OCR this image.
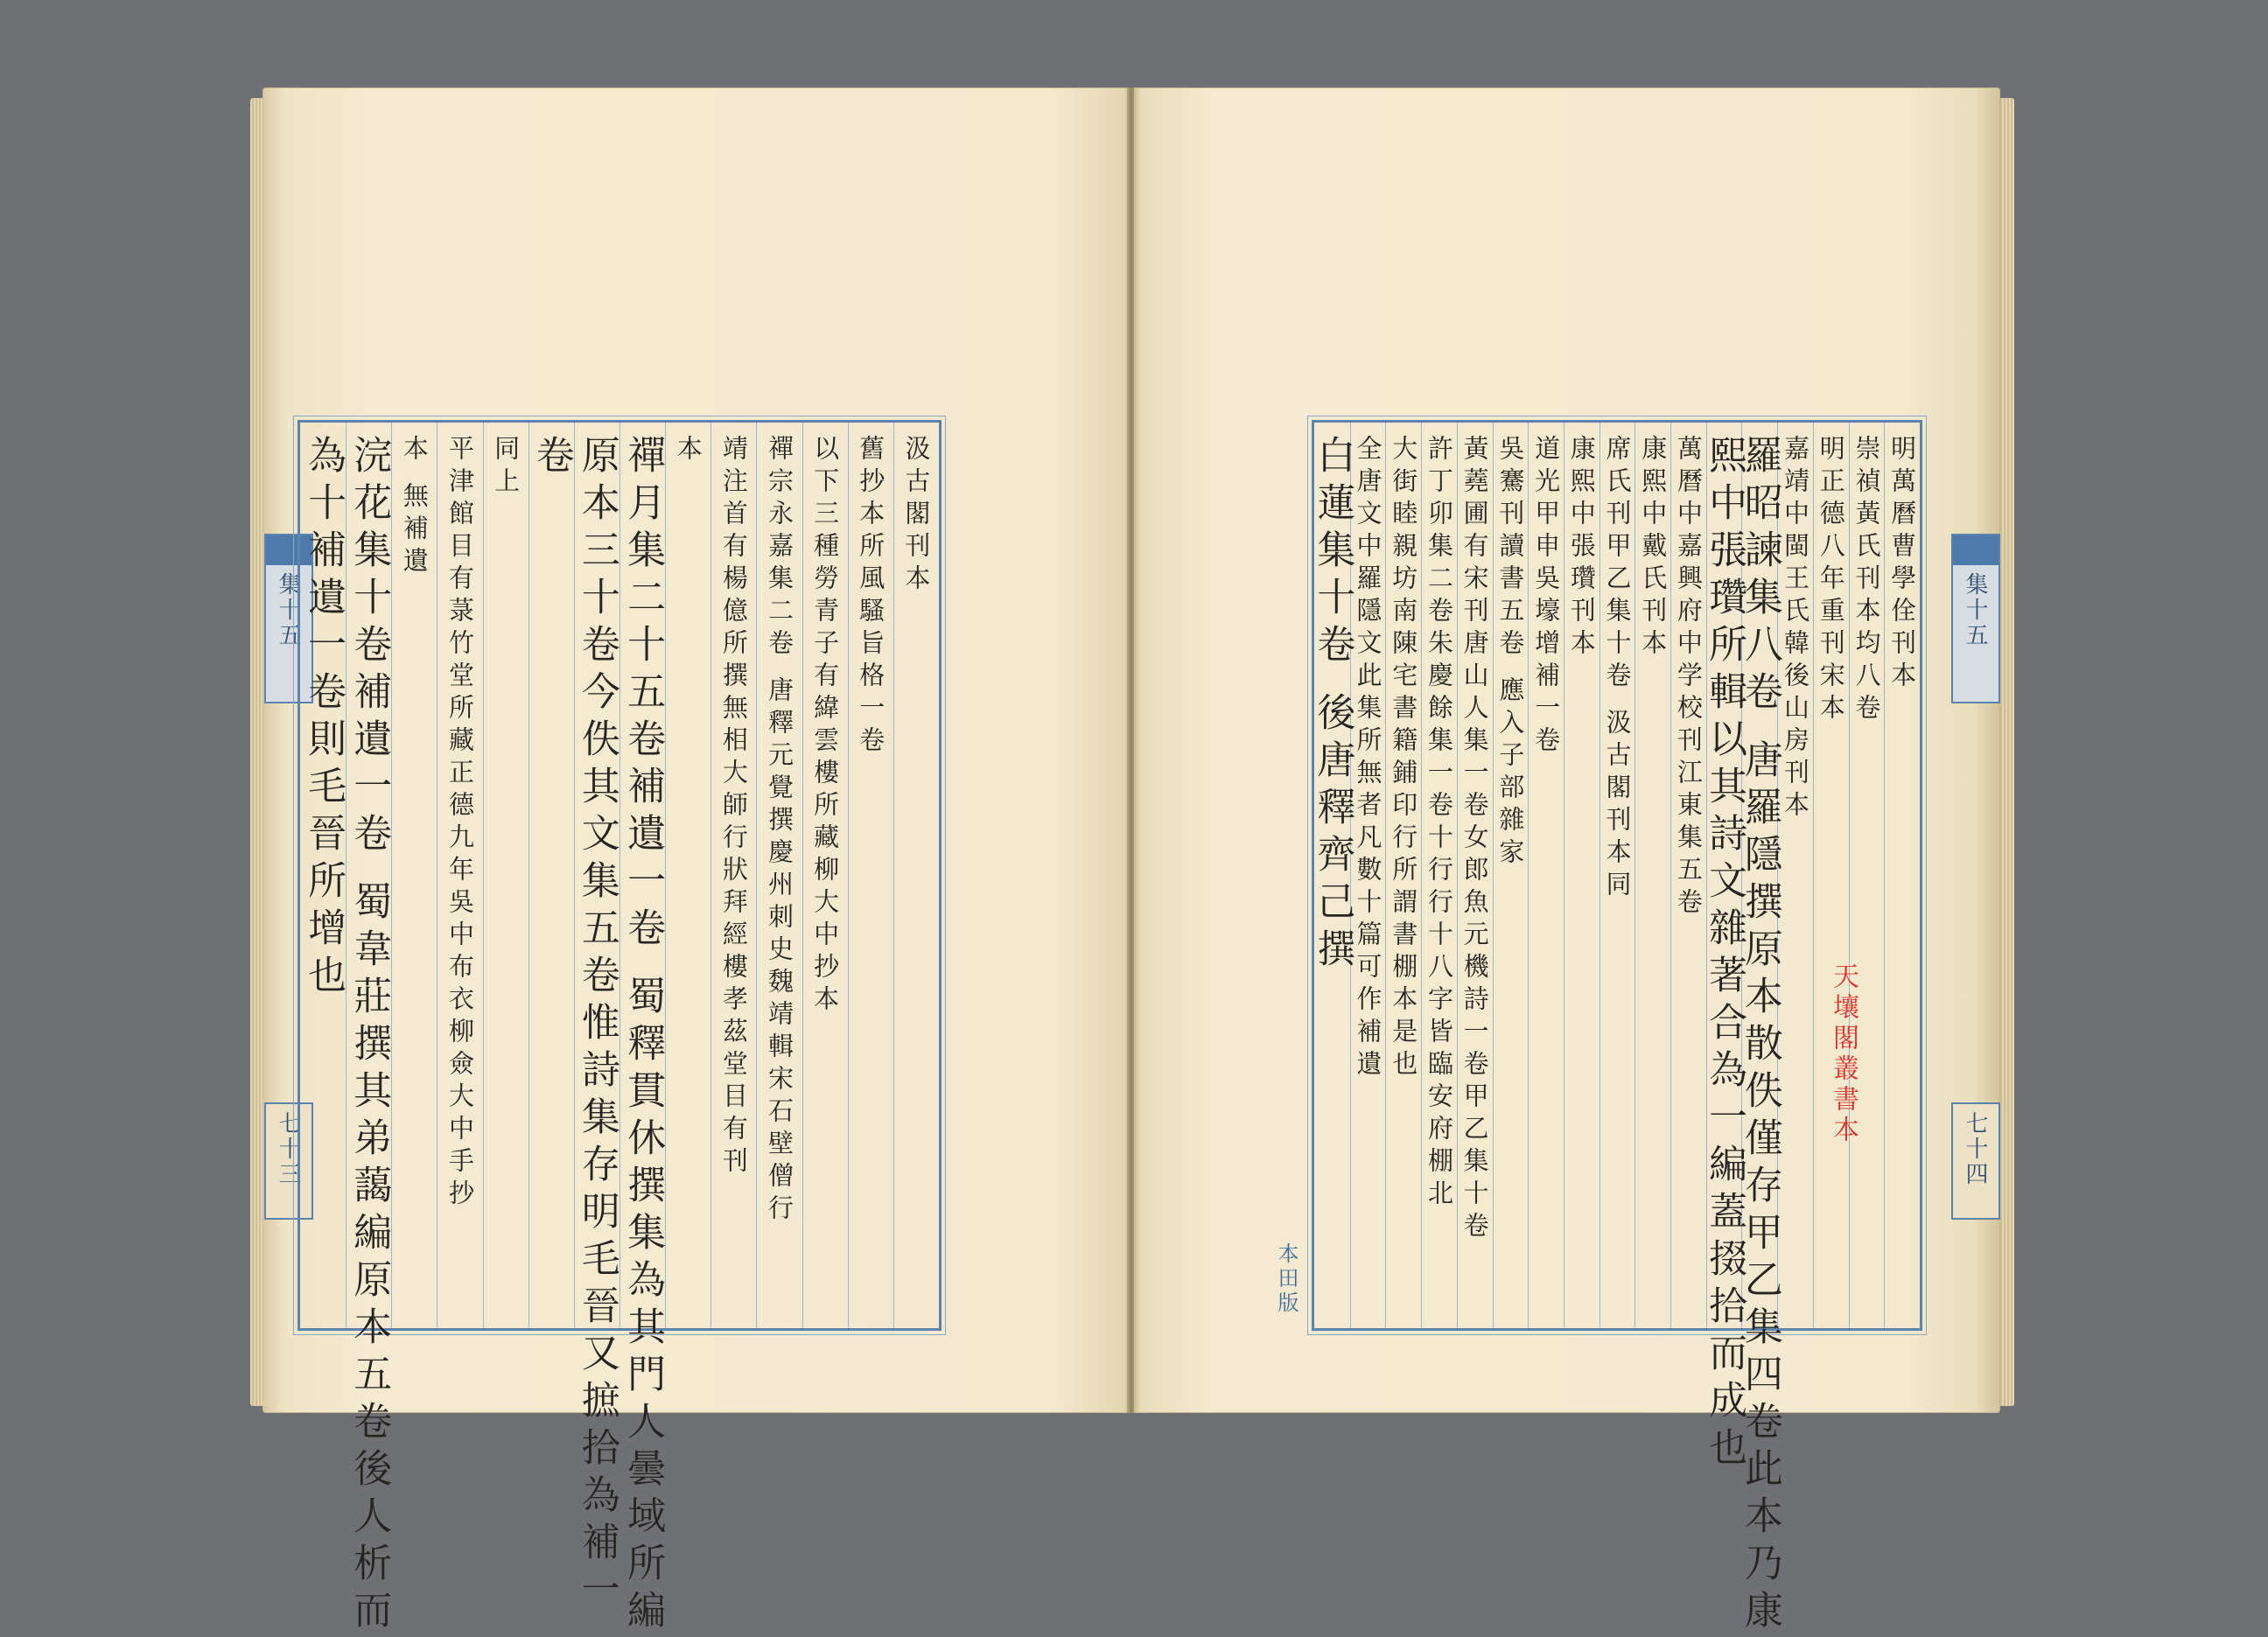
集十五
七十三
汲古閣刊本
舊抄本所風騷旨格一卷
以下三種勞青子有緯雲樓所藏柳大中抄本
禪宗永嘉集二卷 唐釋元覺撰慶州刺史魏靖輯宋石壁僧行
靖注首有楊億所撰無相大師行狀拜經樓孝茲堂目有刊
本
禪月集二十五卷補遺一卷 蜀釋貫休撰集為其門人曇域所編
原本三十卷今佚其文集五卷惟詩集存明毛晉又摭拾為補一
卷
同上
平津館目有菉竹堂所藏正德九年吳中布衣柳僉大中手抄
本 無補遺
浣花集十卷補遺一卷 蜀韋莊撰其弟藹編原本五卷後人析而
為十補遺一卷則毛晉所增也	明萬曆曹學佺刊本
崇禎黃氏刊本均八卷
明正德八年重刊宋本
嘉靖中閩王氏韓後山房刊本
羅昭諫集八卷 唐羅隱撰原本散佚僅存甲乙集四卷此本乃康
熙中張瓚所輯以其詩文雜著合為一編蓋掇拾而成也
萬曆中嘉興府中学校刊江東集五卷
康熙中戴氏刊本
席氏刊甲乙集十卷 汲古閣刊本同
康熙中張瓚刊本
道光甲申吳壕增補一卷
吳騫刊讀書五卷 應入子部雜家
黃蕘圃有宋刊唐山人集一卷女郎魚元機詩一卷甲乙集十卷
許丁卯集二卷朱慶餘集一卷十行行十八字皆臨安府棚北
大街睦親坊南陳宅書籍鋪印行所謂書棚本是也
全唐文中羅隱文此集所無者凡數十篇可作補遺
白蓮集十卷 後唐釋齊己撰	集十五
七十四
天壤閣叢書本
本田版
